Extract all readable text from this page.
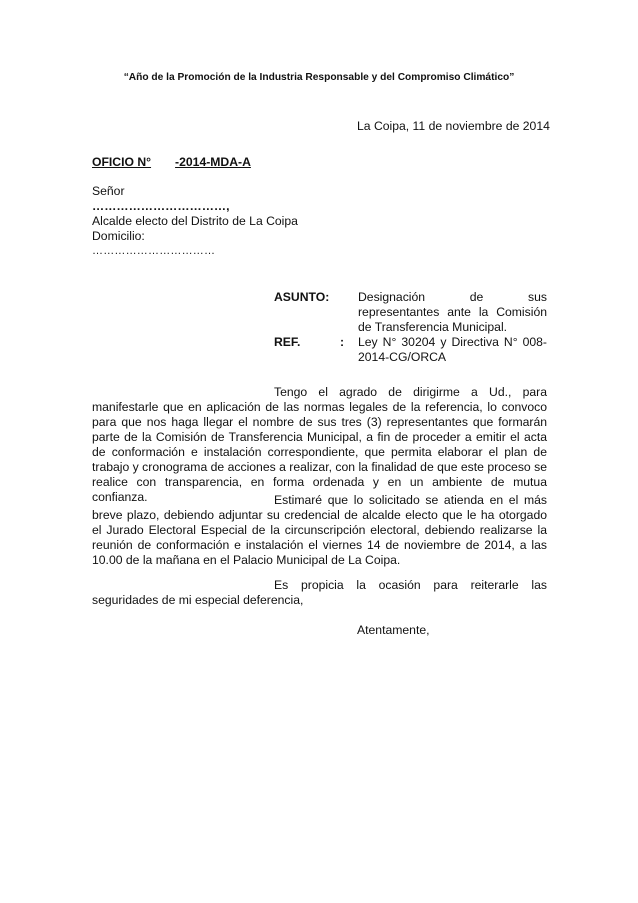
“Año de la Promoción de la Industria Responsable y del Compromiso Climático”
La Coipa, 11 de noviembre de 2014
OFICIO N° -2014-MDA-A
Señor
……………………………,
Alcalde electo del Distrito de La Coipa
Domicilio:
……………………………
ASUNTO: Designación de sus representantes ante la Comisión de Transferencia Municipal.
REF.	: Ley N° 30204 y Directiva N° 008-2014-CG/ORCA
Tengo el agrado de dirigirme a Ud., para manifestarle que en aplicación de las normas legales de la referencia, lo convoco para que nos haga llegar el nombre de sus tres (3) representantes que formarán parte de la Comisión de Transferencia Municipal, a fin de proceder a emitir el acta de conformación e instalación correspondiente, que permita elaborar el plan de trabajo y cronograma de acciones a realizar, con la finalidad de que este proceso se realice con transparencia, en forma ordenada y en un ambiente de mutua confianza.	Estimaré que lo solicitado se atienda en el más breve plazo, debiendo adjuntar su credencial de alcalde electo que le ha otorgado el Jurado Electoral Especial de la circunscripción electoral, debiendo realizarse la reunión de conformación e instalación el viernes 14 de noviembre de 2014, a las 10.00 de la mañana en el Palacio Municipal de La Coipa.
Es propicia la ocasión para reiterarle las seguridades de mi especial deferencia,
Atentamente,
